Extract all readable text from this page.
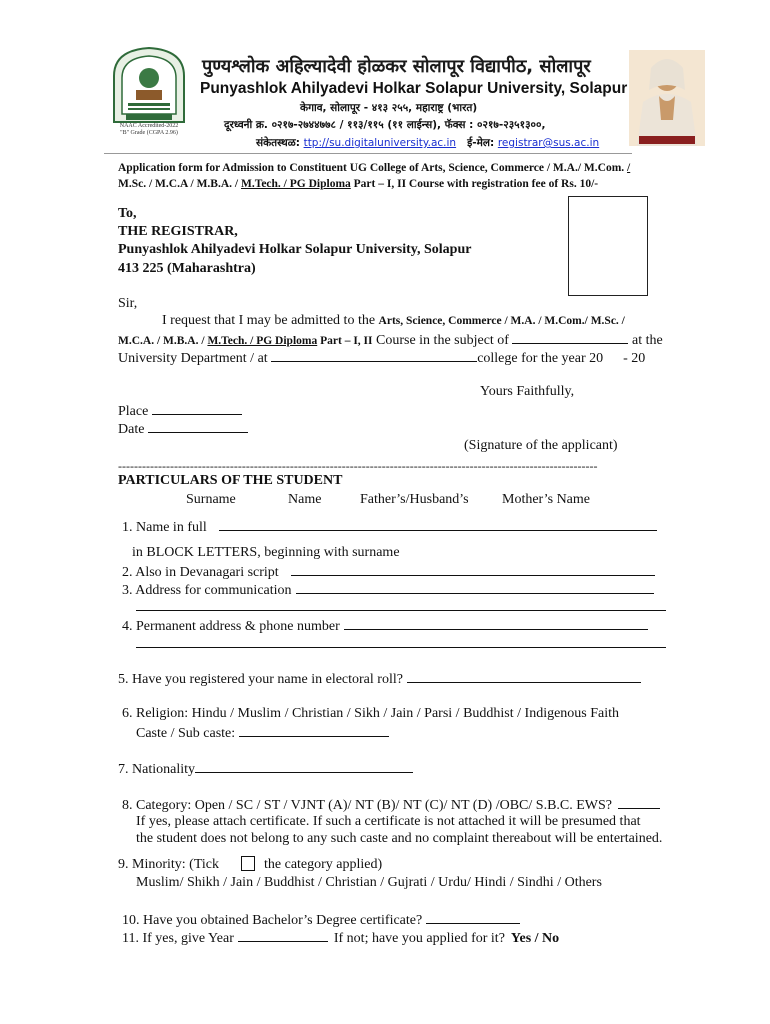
NAAC Accredited-2022
"B" Grade (CGPA 2.96)
पुण्यश्लोक अहिल्यादेवी होळकर सोलापूर विद्यापीठ, सोलापूर
Punyashlok Ahilyadevi Holkar Solapur University, Solapur
केगाव, सोलापूर - ४१३ २५५, महाराष्ट्र (भारत)
दूरध्वनी क्र. ०२१७-२७४४७७८ / ११३/११५ (११ लाईन्स), फॅक्स : ०२१७-२३५१३००,
संकेतस्थळ: ttp://su.digitaluniversity.ac.in ई-मेल: registrar@sus.ac.in
Application form for Admission to Constituent UG College of Arts, Science, Commerce / M.A./ M.Com. /
M.Sc. / M.C.A / M.B.A. / M.Tech. / PG Diploma Part – I, II Course with registration fee of Rs. 10/-
To,
THE REGISTRAR,
Punyashlok Ahilyadevi Holkar Solapur University, Solapur
413 225 (Maharashtra)
Sir,
I request that I may be admitted to the Arts, Science, Commerce / M.A. / M.Com./ M.Sc. /
M.C.A. / M.B.A. / M.Tech. / PG Diploma Part – I, II Course in the subject of	at the
University Department / at	college for the year 20 - 20
Yours Faithfully,
Place
Date
(Signature of the applicant)
------------------------------------------------------------------------------------------------------------------------
PARTICULARS OF THE STUDENT
Surname	Name	Father’s/Husband’s Mother’s Name
1. Name in full
in BLOCK LETTERS, beginning with surname
2. Also in Devanagari script
3. Address for communication
4. Permanent address & phone number
5. Have you registered your name in electoral roll?
6. Religion: Hindu / Muslim / Christian / Sikh / Jain / Parsi / Buddhist / Indigenous Faith
Caste / Sub caste:
7. Nationality
8. Category: Open / SC / ST / VJNT (A)/ NT (B)/ NT (C)/ NT (D) /OBC/ S.B.C. EWS?
If yes, please attach certificate. If such a certificate is not attached it will be presumed that
the student does not belong to any such caste and no complaint thereabout will be entertained.
9. Minority: (Tick	the category applied)
Muslim/ Shikh / Jain / Buddhist / Christian / Gujrati / Urdu/ Hindi / Sindhi / Others
10. Have you obtained Bachelor’s Degree certificate?
11. If yes, give Year	If not; have you applied for it? Yes / No
